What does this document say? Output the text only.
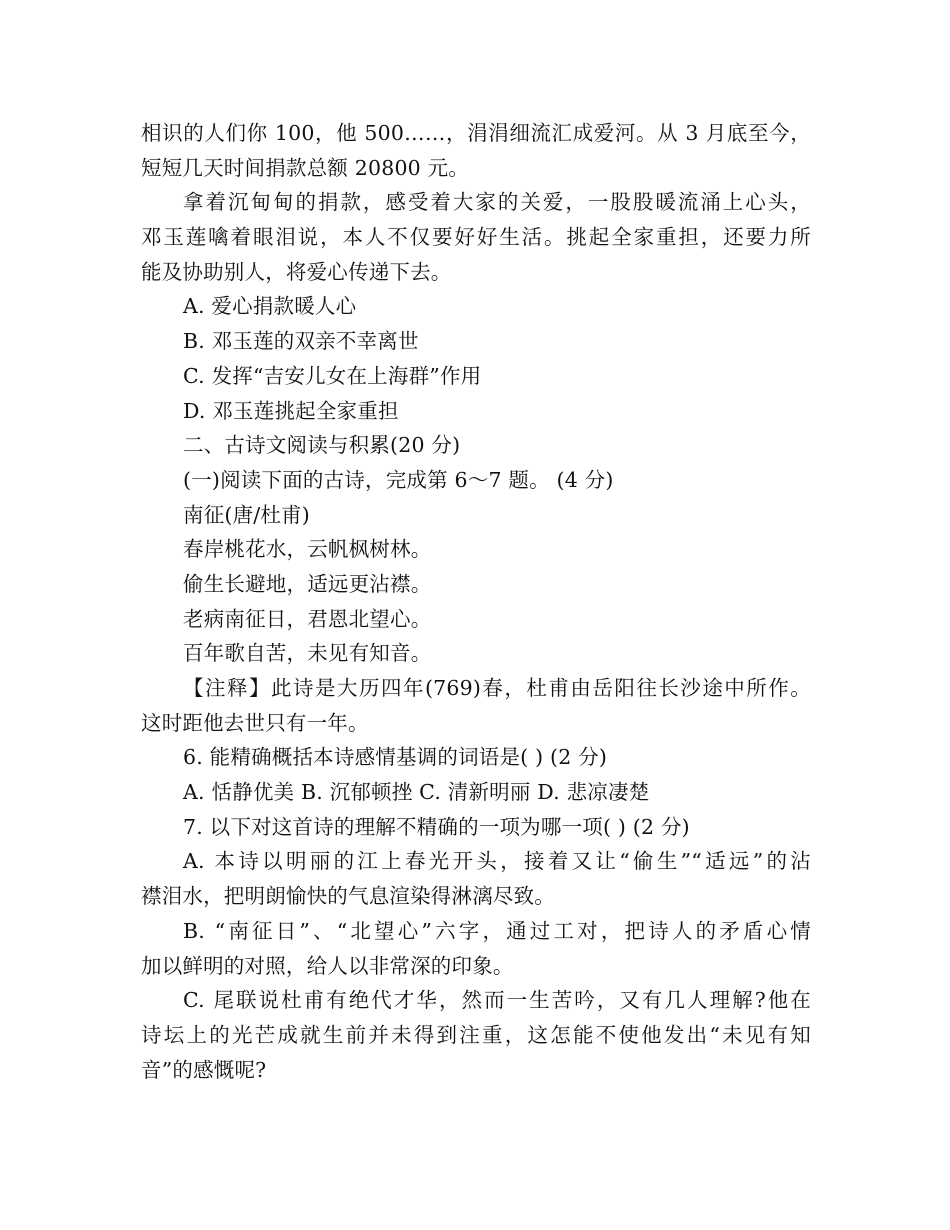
相识的人们你 100，他 500……，涓涓细流汇成爱河。从 3 月底至今，

短短几天时间捐款总额 20800 元。

拿着沉甸甸的捐款，感受着大家的关爱，一股股暖流涌上心头，

邓玉莲噙着眼泪说，本人不仅要好好生活。挑起全家重担，还要力所

能及协助别人，将爱心传递下去。

A. 爱心捐款暖人心

B. 邓玉莲的双亲不幸离世

C. 发挥“吉安儿女在上海群”作用

D. 邓玉莲挑起全家重担

二、古诗文阅读与积累(20 分)

(一)阅读下面的古诗，完成第 6～7 题。 (4 分)

南征(唐/杜甫)

春岸桃花水，云帆枫树林。

偷生长避地，适远更沾襟。

老病南征日，君恩北望心。

百年歌自苦，未见有知音。

【注释】此诗是大历四年(769)春，杜甫由岳阳往长沙途中所作。

这时距他去世只有一年。

6. 能精确概括本诗感情基调的词语是( ) (2 分)

A. 恬静优美 B. 沉郁顿挫 C. 清新明丽 D. 悲凉凄楚

7. 以下对这首诗的理解不精确的一项为哪一项( ) (2 分)

A. 本诗以明丽的江上春光开头，接着又让“偷生”“适远”的沾

襟泪水，把明朗愉快的气息渲染得淋漓尽致。

B. “南征日”、“北望心”六字，通过工对，把诗人的矛盾心情

加以鲜明的对照，给人以非常深的印象。

C. 尾联说杜甫有绝代才华，然而一生苦吟，又有几人理解?他在

诗坛上的光芒成就生前并未得到注重，这怎能不使他发出“未见有知

音”的感慨呢?
